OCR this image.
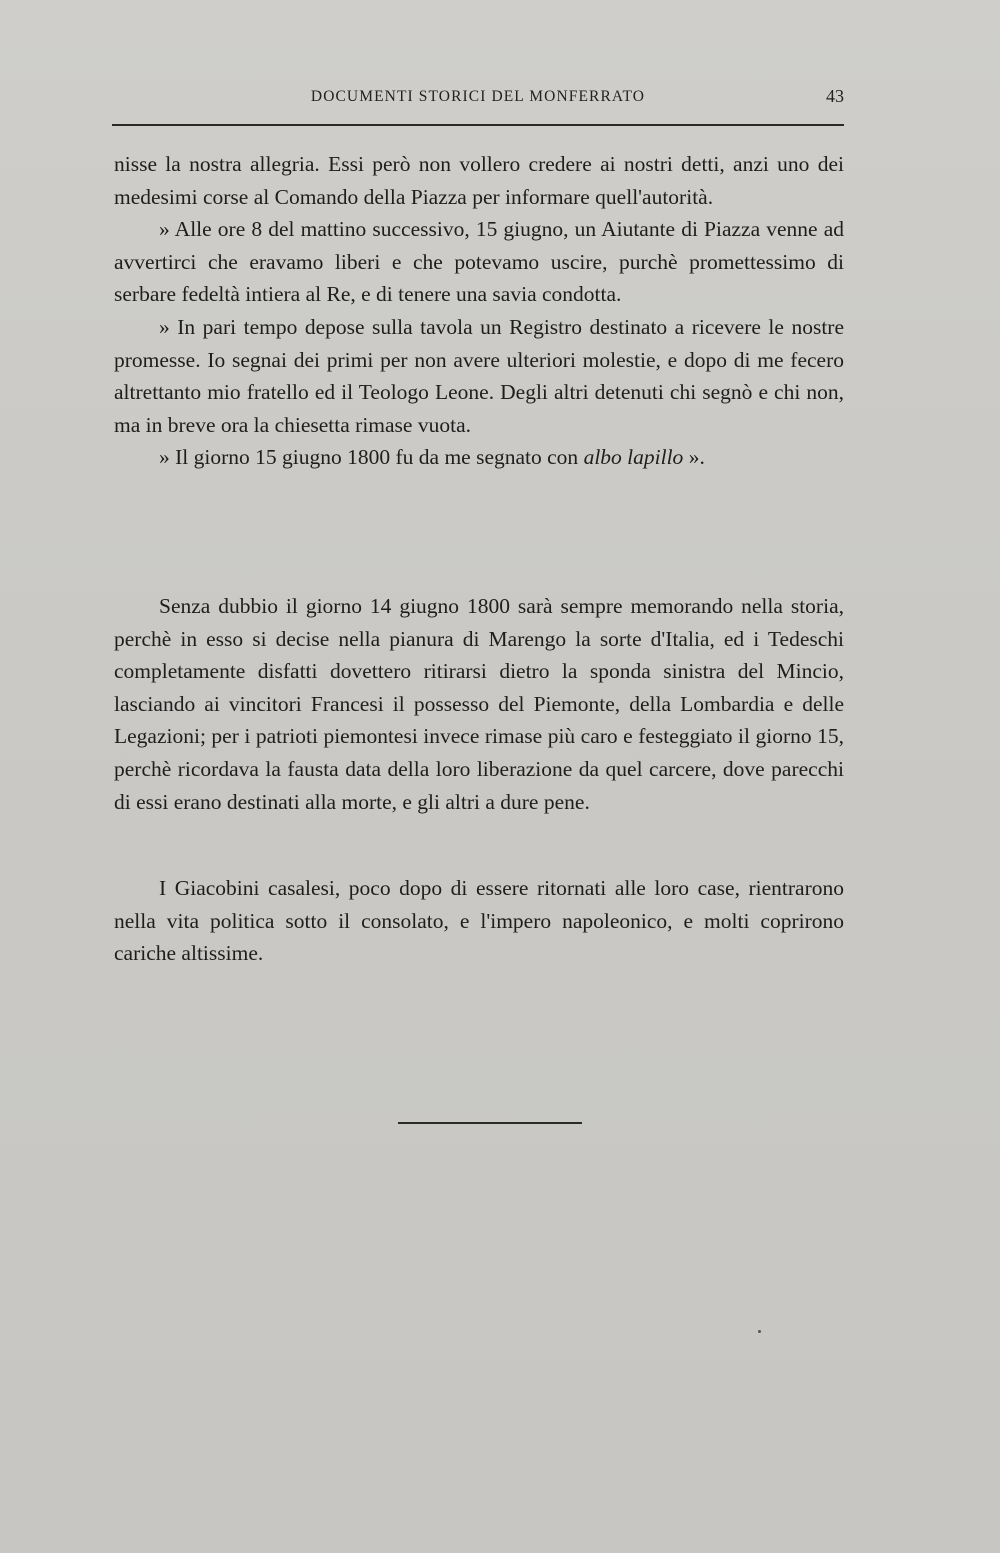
DOCUMENTI STORICI DEL MONFERRATO	43

nisse la nostra allegria. Essi però non vollero credere ai nostri detti, anzi uno dei medesimi corse al Comando della Piazza per informare quell'autorità.

» Alle ore 8 del mattino successivo, 15 giugno, un Aiutante di Piazza venne ad avvertirci che eravamo liberi e che potevamo uscire, purchè promettessimo di serbare fedeltà intiera al Re, e di tenere una savia condotta.

» In pari tempo depose sulla tavola un Registro destinato a ricevere le nostre promesse. Io segnai dei primi per non avere ulteriori molestie, e dopo di me fecero altrettanto mio fratello ed il Teologo Leone. Degli altri detenuti chi segnò e chi non, ma in breve ora la chiesetta rimase vuota.

» Il giorno 15 giugno 1800 fu da me segnato con albo lapillo ».

Senza dubbio il giorno 14 giugno 1800 sarà sempre memorando nella storia, perchè in esso si decise nella pianura di Marengo la sorte d'Italia, ed i Tedeschi completamente disfatti dovettero ritirarsi dietro la sponda sinistra del Mincio, lasciando ai vincitori Francesi il possesso del Piemonte, della Lombardia e delle Legazioni; per i patrioti piemontesi invece rimase più caro e festeggiato il giorno 15, perchè ricordava la fausta data della loro liberazione da quel carcere, dove parecchi di essi erano destinati alla morte, e gli altri a dure pene.

I Giacobini casalesi, poco dopo di essere ritornati alle loro case, rientrarono nella vita politica sotto il consolato, e l'impero napoleonico, e molti coprirono cariche altissime.
